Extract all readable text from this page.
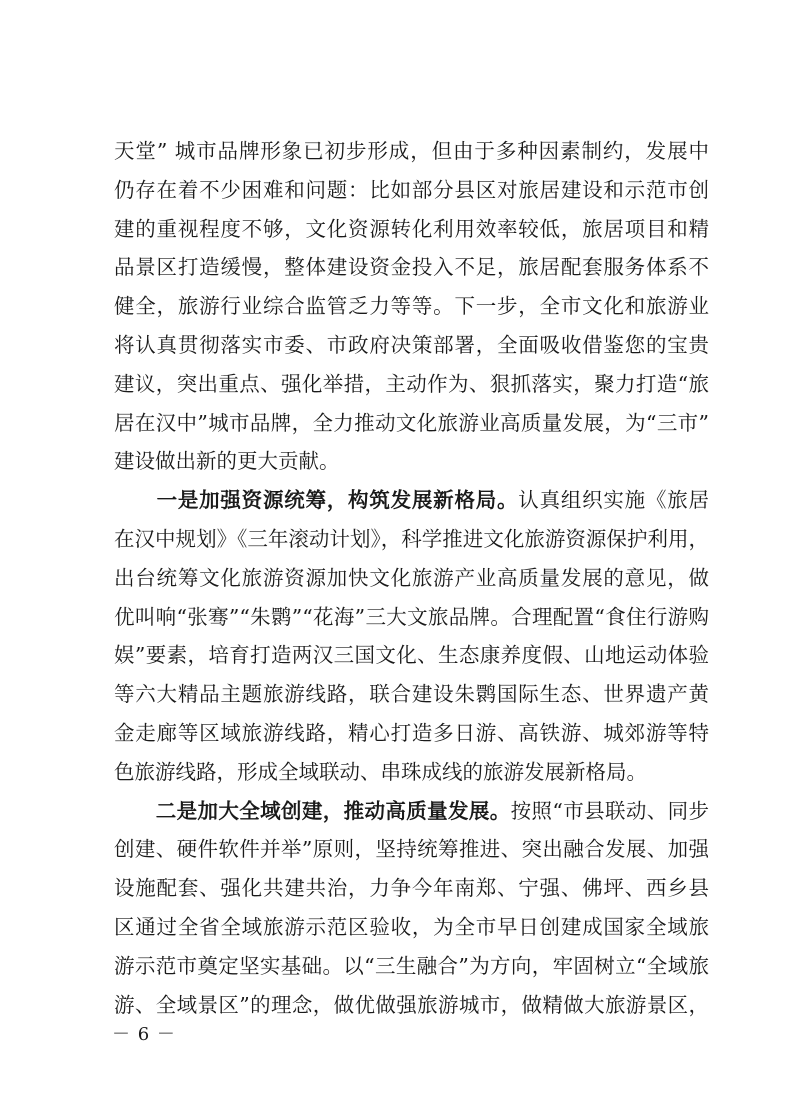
天堂” 城市品牌形象已初步形成，但由于多种因素制约，发展中
仍存在着不少困难和问题：比如部分县区对旅居建设和示范市创
建的重视程度不够，文化资源转化利用效率较低，旅居项目和精
品景区打造缓慢，整体建设资金投入不足，旅居配套服务体系不
健全，旅游行业综合监管乏力等等。下一步，全市文化和旅游业
将认真贯彻落实市委、市政府决策部署，全面吸收借鉴您的宝贵
建议，突出重点、强化举措，主动作为、狠抓落实，聚力打造“旅
居在汉中”城市品牌，全力推动文化旅游业高质量发展，为“三市”
建设做出新的更大贡献。
　　一是加强资源统筹，构筑发展新格局。认真组织实施《旅居
在汉中规划》《三年滚动计划》，科学推进文化旅游资源保护利用，
出台统筹文化旅游资源加快文化旅游产业高质量发展的意见，做
优叫响“张骞”“朱鹮”“花海”三大文旅品牌。合理配置“食住行游购
娱”要素，培育打造两汉三国文化、生态康养度假、山地运动体验
等六大精品主题旅游线路，联合建设朱鹮国际生态、世界遗产黄
金走廊等区域旅游线路，精心打造多日游、高铁游、城郊游等特
色旅游线路，形成全域联动、串珠成线的旅游发展新格局。
　　二是加大全域创建，推动高质量发展。按照“市县联动、同步
创建、硬件软件并举”原则，坚持统筹推进、突出融合发展、加强
设施配套、强化共建共治，力争今年南郑、宁强、佛坪、西乡县
区通过全省全域旅游示范区验收，为全市早日创建成国家全域旅
游示范市奠定坚实基础。以“三生融合”为方向，牢固树立“全域旅
游、全域景区”的理念，做优做强旅游城市，做精做大旅游景区，
－ 6 －
